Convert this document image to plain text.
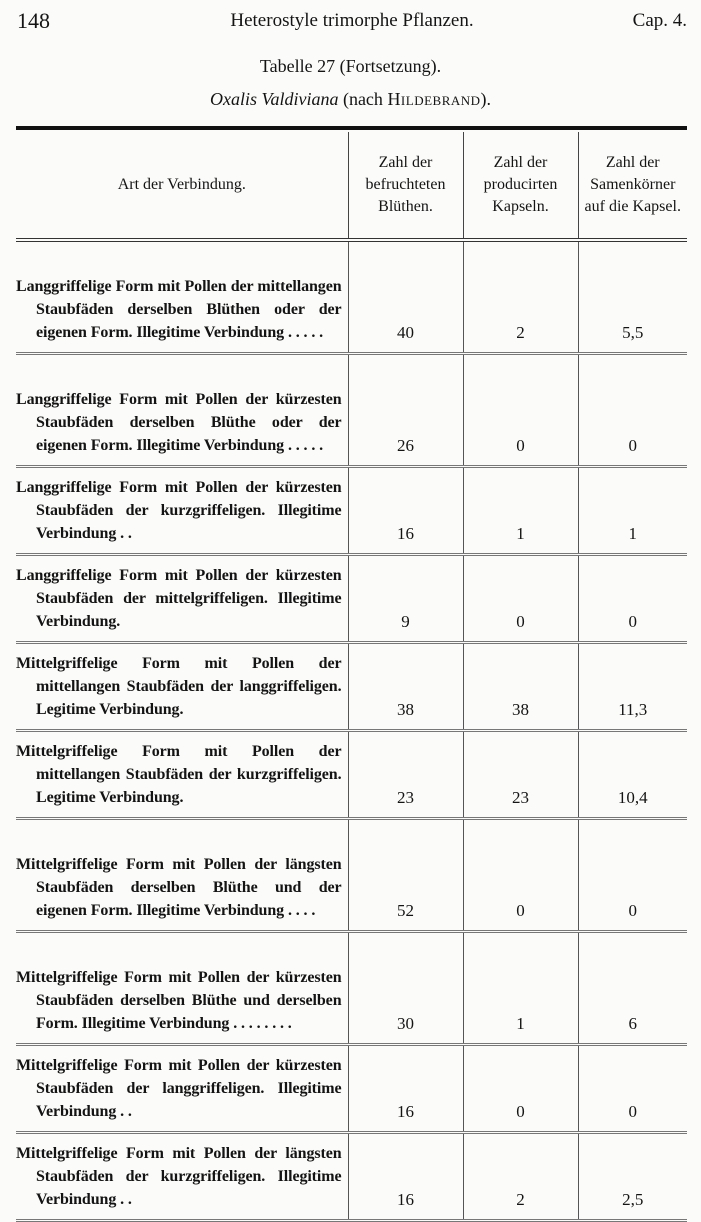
148	Heterostyle trimorphe Pflanzen.	Cap. 4.
Tabelle 27 (Fortsetzung).
Oxalis Valdiviana (nach Hildebrand).
Art der Verbindung.	Zahl der befruchteten Blüthen.	Zahl der producirten Kapseln.	Zahl der Samenkörner auf die Kapsel.

Langgriffelige Form mit Pollen der mittellangen Staubfäden derselben Blüthen oder der eigenen Form. Illegitime Verbindung . . . . .	40	2	5,5

Langgriffelige Form mit Pollen der kürzesten Staubfäden derselben Blüthe oder der eigenen Form. Illegitime Verbindung . . . . .	26	0	0

Langgriffelige Form mit Pollen der kürzesten Staubfäden der kurzgriffeligen. Illegitime Verbindung . .	16	1	1

Langgriffelige Form mit Pollen der kürzesten Staubfäden der mittelgriffeligen. Illegitime Verbindung.	9	0	0

Mittelgriffelige Form mit Pollen der mittellangen Staubfäden der langgriffeligen. Legitime Verbindung.	38	38	11,3

Mittelgriffelige Form mit Pollen der mittellangen Staubfäden der kurzgriffeligen. Legitime Verbindung.	23	23	10,4

Mittelgriffelige Form mit Pollen der längsten Staubfäden derselben Blüthe und der eigenen Form. Illegitime Verbindung . . . .	52	0	0

Mittelgriffelige Form mit Pollen der kürzesten Staubfäden derselben Blüthe und derselben Form. Illegitime Verbindung . . . . . . . .	30	1	6

Mittelgriffelige Form mit Pollen der kürzesten Staubfäden der langgriffeligen. Illegitime Verbindung . .	16	0	0

Mittelgriffelige Form mit Pollen der längsten Staubfäden der kurzgriffeligen. Illegitime Verbindung . .	16	2	2,5
